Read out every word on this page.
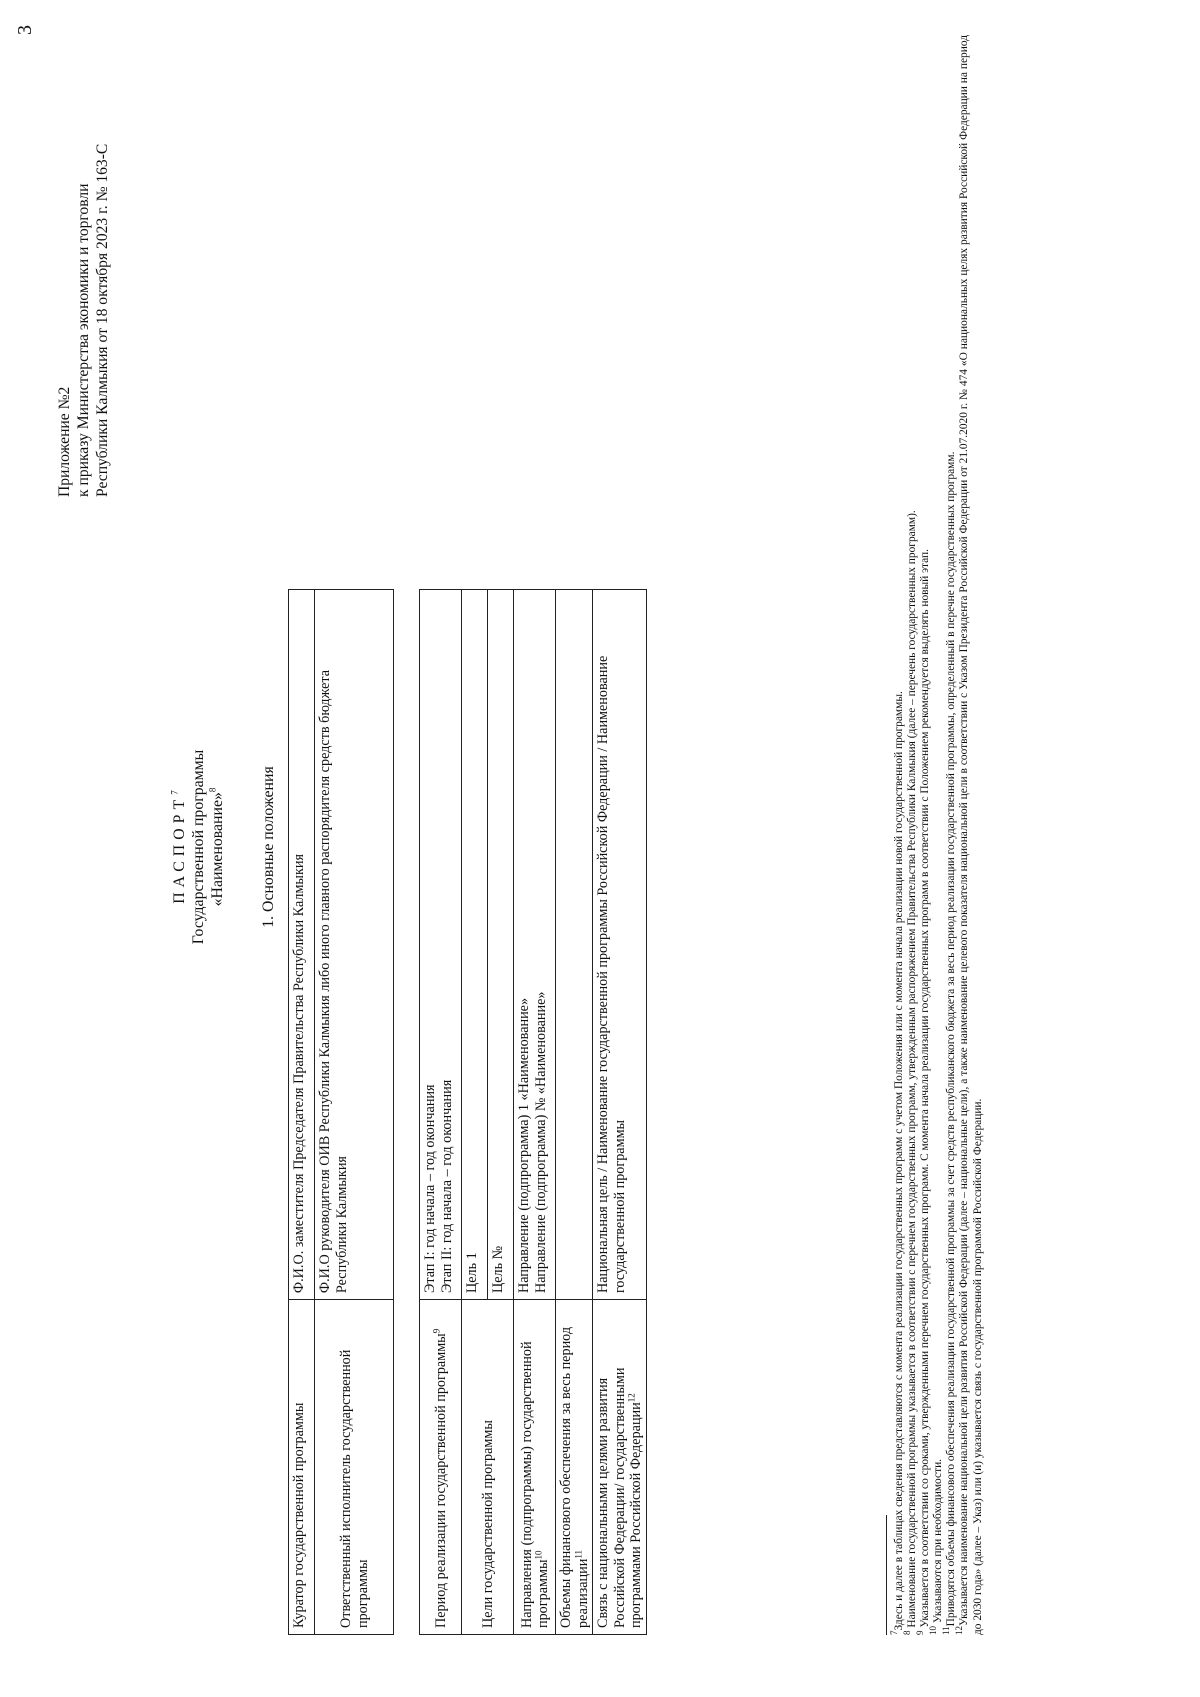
3
Приложение №2 к приказу Министерства экономики и торговли Республики Калмыкия от 18 октября 2023 г. № 163-С
ПАСПОРТ$^7$ Государственной программы «Наименование»$^8$	1. Основные положения
Куратор государственной программы	Ф.И.О. заместителя Председателя Правительства Республики Калмыкия
Ответственный исполнитель государственной программы	Ф.И.О руководителя ОИВ Республики Калмыкия либо иного главного распорядителя средств бюджета Республики Калмыкия
Период реализации государственной программы$^9$	Этап I: год начала – год окончания Этап II: год начала – год окончания

Цели государственной программы	Цель 1
	Цель №
Направления (подпрограммы) государственной программы$^{10}$	Направление (подпрограмма) 1 «Наименование» Направление (подпрограмма) № «Наименование»

Объемы финансового обеспечения за весь период реализации$^{11}$	
Связь с национальными целями развития Российской Федерации/ государственными программами Российской Федерации$^{12}$	Национальная цель / Наименование государственной программы Российской Федерации / Наименование государственной программы

$^7$Здесь и далее в таблицах сведения представляются с момента реализации государственных программ с учетом Положения или с момента начала реализации новой государственной программы.

$^8$ Наименование государственной программы указывается в соответствии с перечнем государственных программ, утвержденным распоряжением Правительства Республики Калмыкия (далее – перечень государственных программ).

$^9$ Указывается в соответствии со сроками, утвержденными перечнем государственных программ. С момента начала реализации государственных программ в соответствии с Положением рекомендуется выделять новый этап.

$^{10}$ Указываются при необходимости.

$^{11}$Приводятся объемы финансового обеспечения реализации государственной программы за счет средств республиканского бюджета за весь период реализации государственной программы, определенный в перечне государственных программ.

$^{12}$Указывается наименование национальной цели развития Российской Федерации (далее – национальные цели), а также наименование целевого показателя национальной цели в соответствии с Указом Президента Российской Федерации от 21.07.2020 г. № 474 «О национальных целях развития Российской Федерации на период до 2030 года» (далее – Указ) или (и) указывается связь с государственной программой Российской Федерации.
